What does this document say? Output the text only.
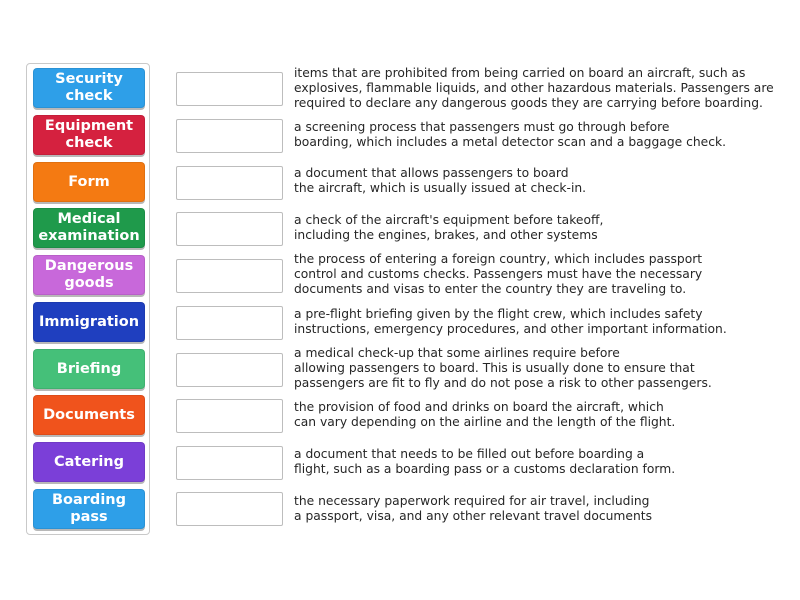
Security
check
Equipment
check
Form
Medical
examination
Dangerous
goods
Immigration
Briefing
Documents
Catering
Boarding
pass
items that are prohibited from being carried on board an aircraft, such as
explosives, flammable liquids, and other hazardous materials. Passengers are
required to declare any dangerous goods they are carrying before boarding.
a screening process that passengers must go through before
boarding, which includes a metal detector scan and a baggage check.
a document that allows passengers to board
the aircraft, which is usually issued at check-in.
a check of the aircraft's equipment before takeoff,
including the engines, brakes, and other systems
the process of entering a foreign country, which includes passport
control and customs checks. Passengers must have the necessary
documents and visas to enter the country they are traveling to.
a pre-flight briefing given by the flight crew, which includes safety
instructions, emergency procedures, and other important information.
a medical check-up that some airlines require before
allowing passengers to board. This is usually done to ensure that
passengers are fit to fly and do not pose a risk to other passengers.
the provision of food and drinks on board the aircraft, which
can vary depending on the airline and the length of the flight.
a document that needs to be filled out before boarding a
flight, such as a boarding pass or a customs declaration form.
the necessary paperwork required for air travel, including
a passport, visa, and any other relevant travel documents
